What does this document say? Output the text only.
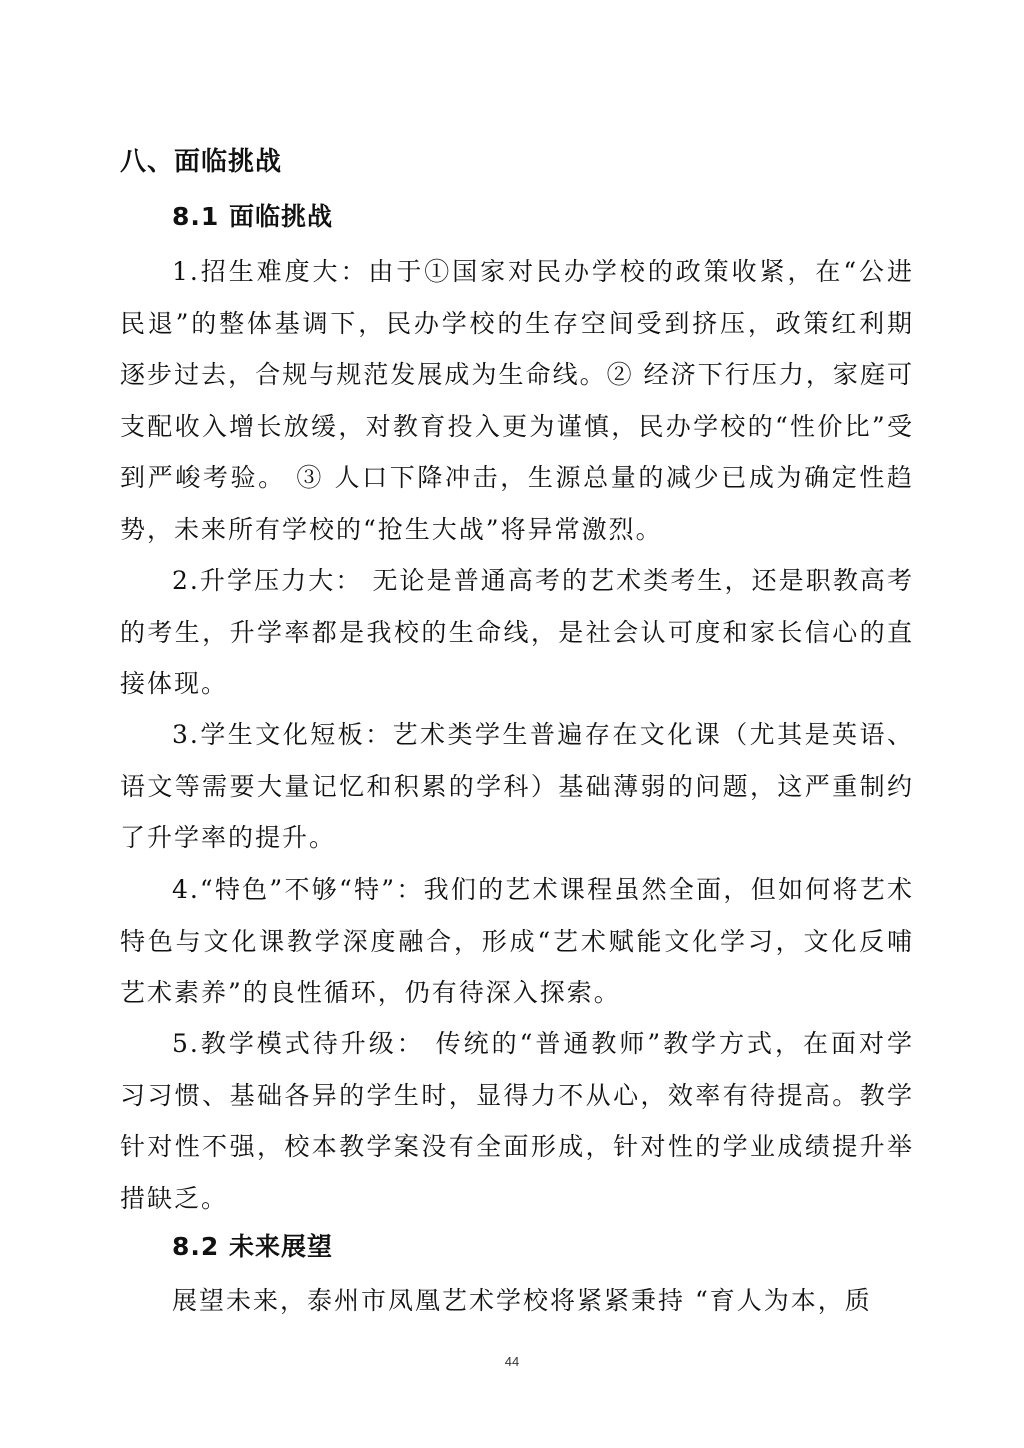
八、面临挑战
8.1 面临挑战

1.招生难度大：由于①国家对民办学校的政策收紧，在“公进民退”的整体基调下，民办学校的生存空间受到挤压，政策红利期逐步过去，合规与规范发展成为生命线。② 经济下行压力，家庭可支配收入增长放缓，对教育投入更为谨慎，民办学校的“性价比”受到严峻考验。 ③ 人口下降冲击，生源总量的减少已成为确定性趋势，未来所有学校的“抢生大战”将异常激烈。

2.升学压力大： 无论是普通高考的艺术类考生，还是职教高考的考生，升学率都是我校的生命线，是社会认可度和家长信心的直接体现。

3.学生文化短板：艺术类学生普遍存在文化课（尤其是英语、语文等需要大量记忆和积累的学科）基础薄弱的问题，这严重制约了升学率的提升。

4.“特色”不够“特”：我们的艺术课程虽然全面，但如何将艺术特色与文化课教学深度融合，形成“艺术赋能文化学习，文化反哺艺术素养”的良性循环，仍有待深入探索。

5.教学模式待升级： 传统的“普通教师”教学方式，在面对学习习惯、基础各异的学生时，显得力不从心，效率有待提高。教学针对性不强，校本教学案没有全面形成，针对性的学业成绩提升举措缺乏。

8.2 未来展望

展望未来，泰州市凤凰艺术学校将紧紧秉持 “育人为本，质

44
